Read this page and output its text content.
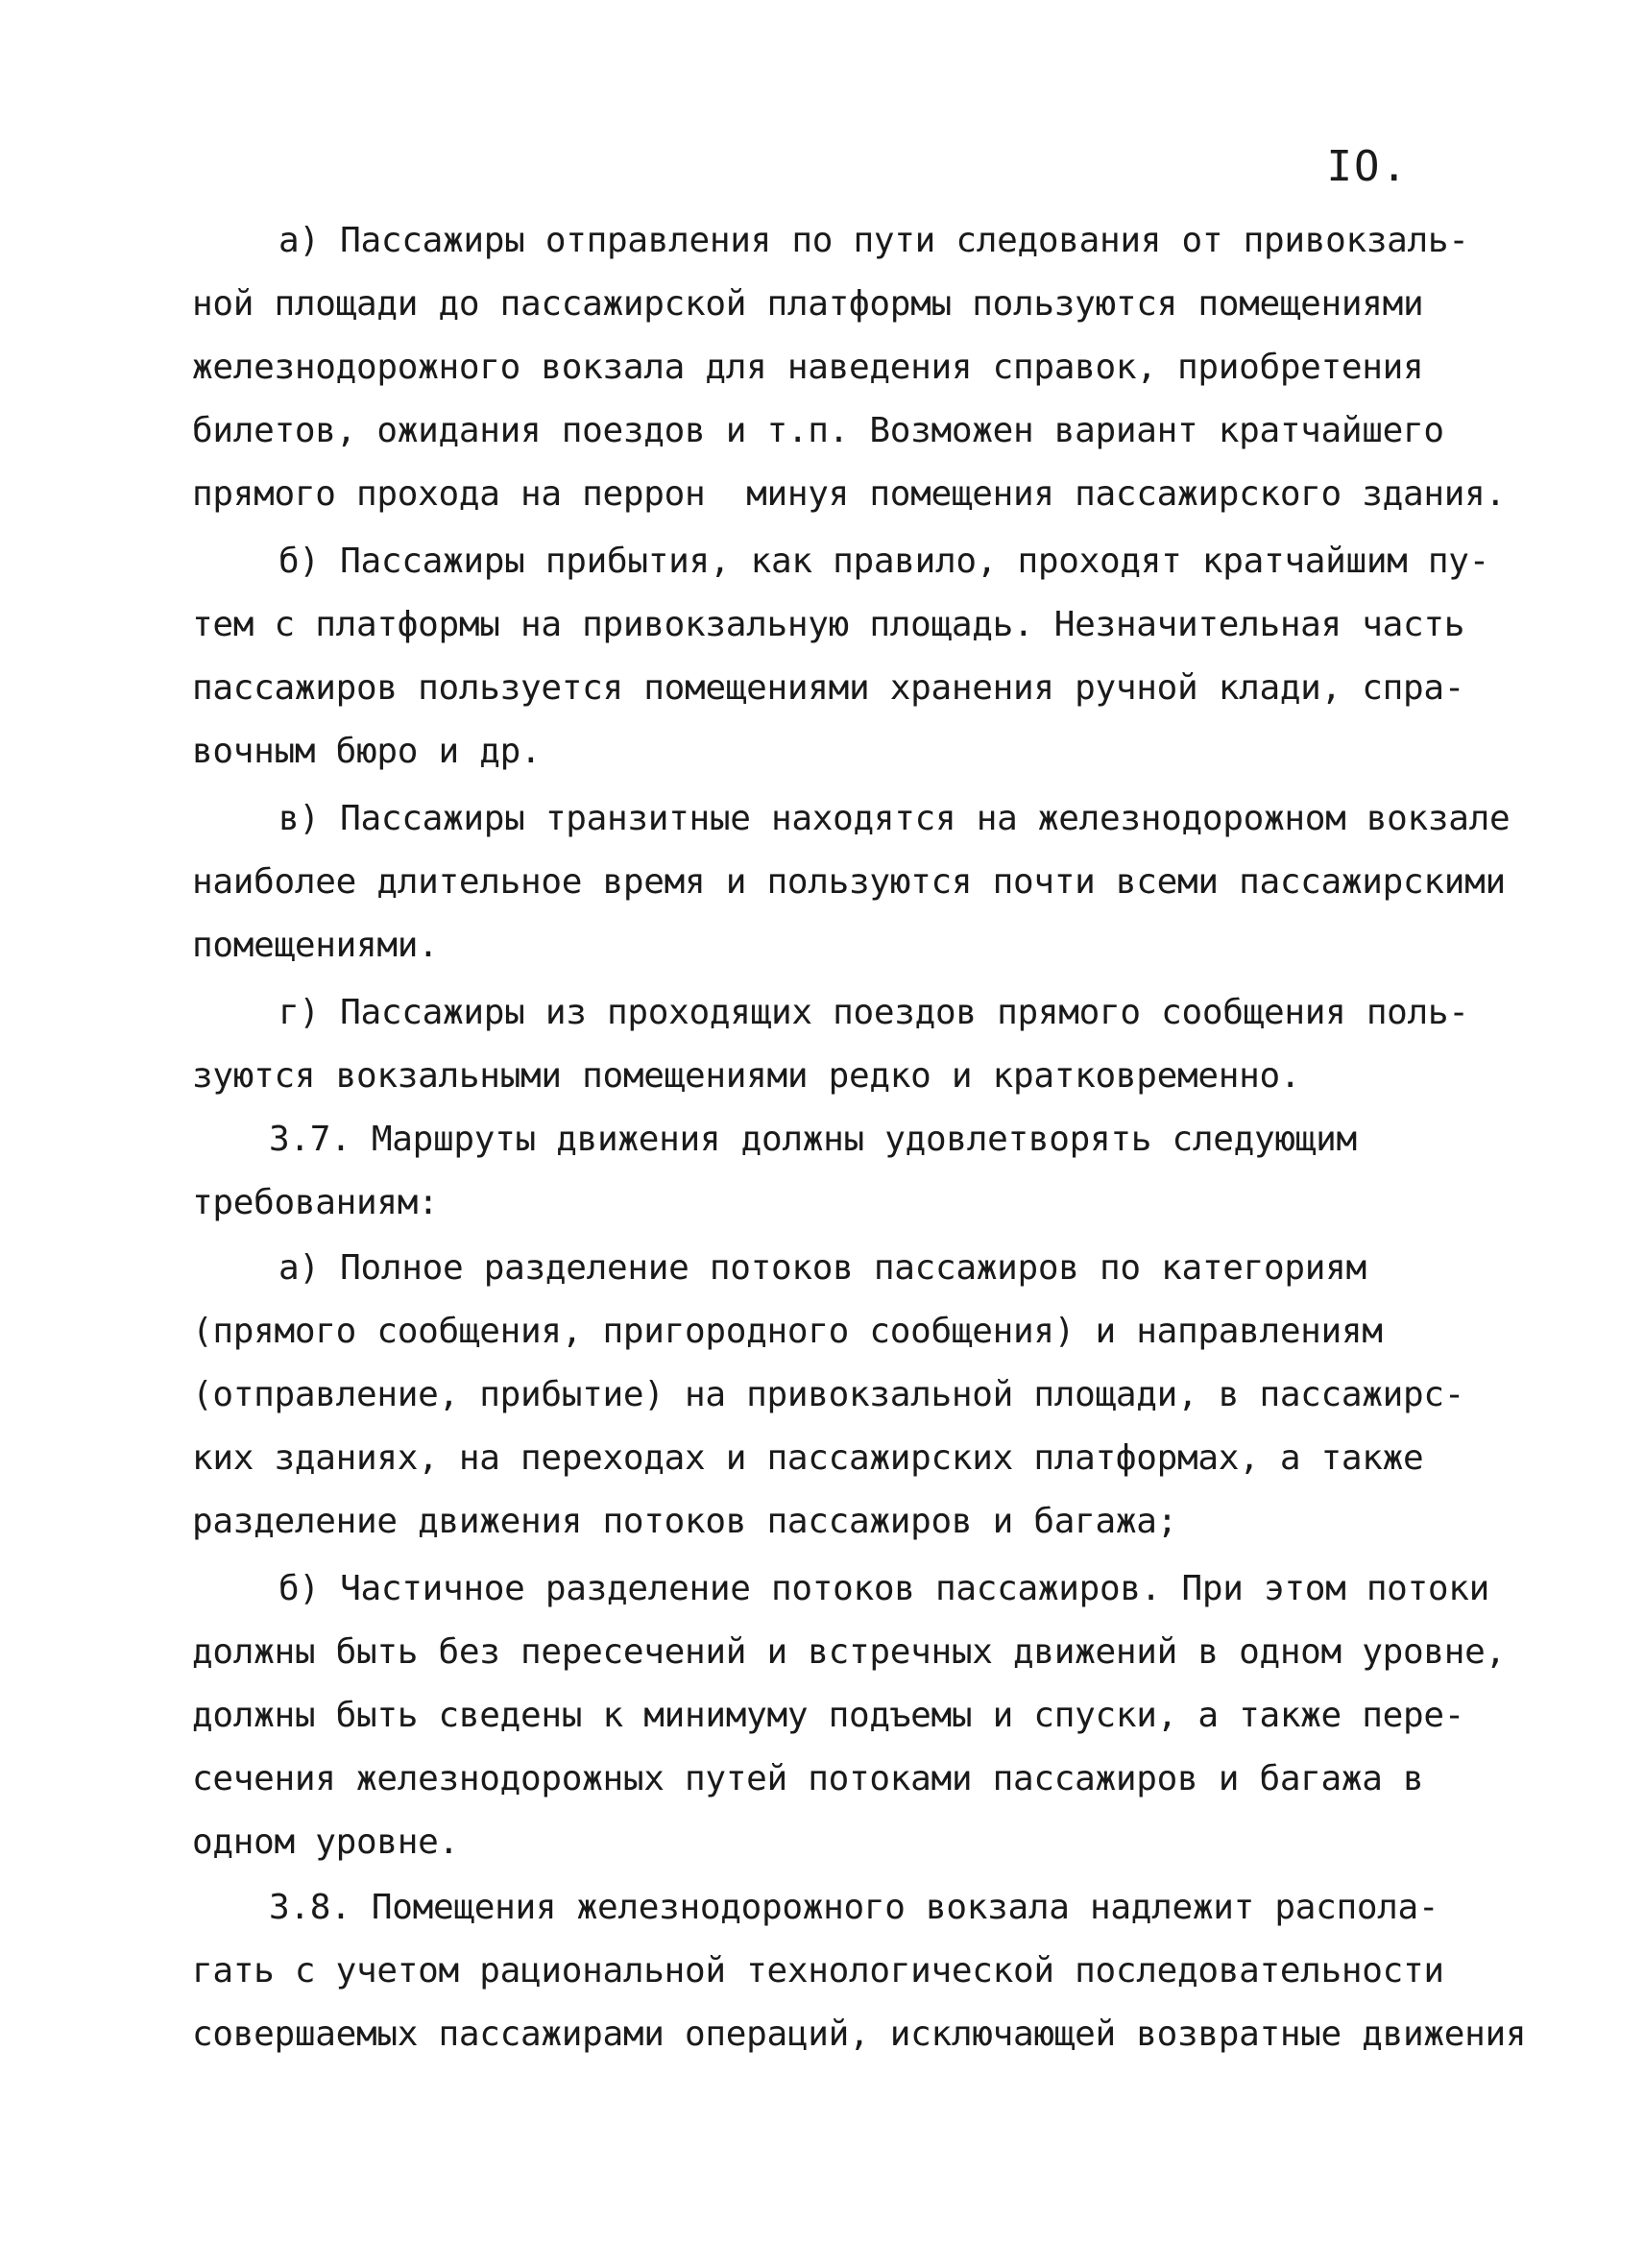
IO.
а) Пассажиры отправления по пути следования от привокзаль-
ной площади до пассажирской платформы пользуются помещениями
железнодорожного вокзала для наведения справок, приобретения
билетов, ожидания поездов и т.п. Возможен вариант кратчайшего
прямого прохода на перрон  минуя помещения пассажирского здания.
б) Пассажиры прибытия, как правило, проходят кратчайшим пу-
тем с платформы на привокзальную площадь. Незначительная часть
пассажиров пользуется помещениями хранения ручной клади, спра-
вочным бюро и др.
в) Пассажиры транзитные находятся на железнодорожном вокзале
наиболее длительное время и пользуются почти всеми пассажирскими
помещениями.
г) Пассажиры из проходящих поездов прямого сообщения поль-
зуются вокзальными помещениями редко и кратковременно.
3.7. Маршруты движения должны удовлетворять следующим
требованиям:
а) Полное разделение потоков пассажиров по категориям
(прямого сообщения, пригородного сообщения) и направлениям
(отправление, прибытие) на привокзальной площади, в пассажирс-
ких зданиях, на переходах и пассажирских платформах, а также
разделение движения потоков пассажиров и багажа;
б) Частичное разделение потоков пассажиров. При этом потоки
должны быть без пересечений и встречных движений в одном уровне,
должны быть сведены к минимуму подъемы и спуски, а также пере-
сечения железнодорожных путей потоками пассажиров и багажа в
одном уровне.
3.8. Помещения железнодорожного вокзала надлежит распола-
гать с учетом рациональной технологической последовательности
совершаемых пассажирами операций, исключающей возвратные движения
